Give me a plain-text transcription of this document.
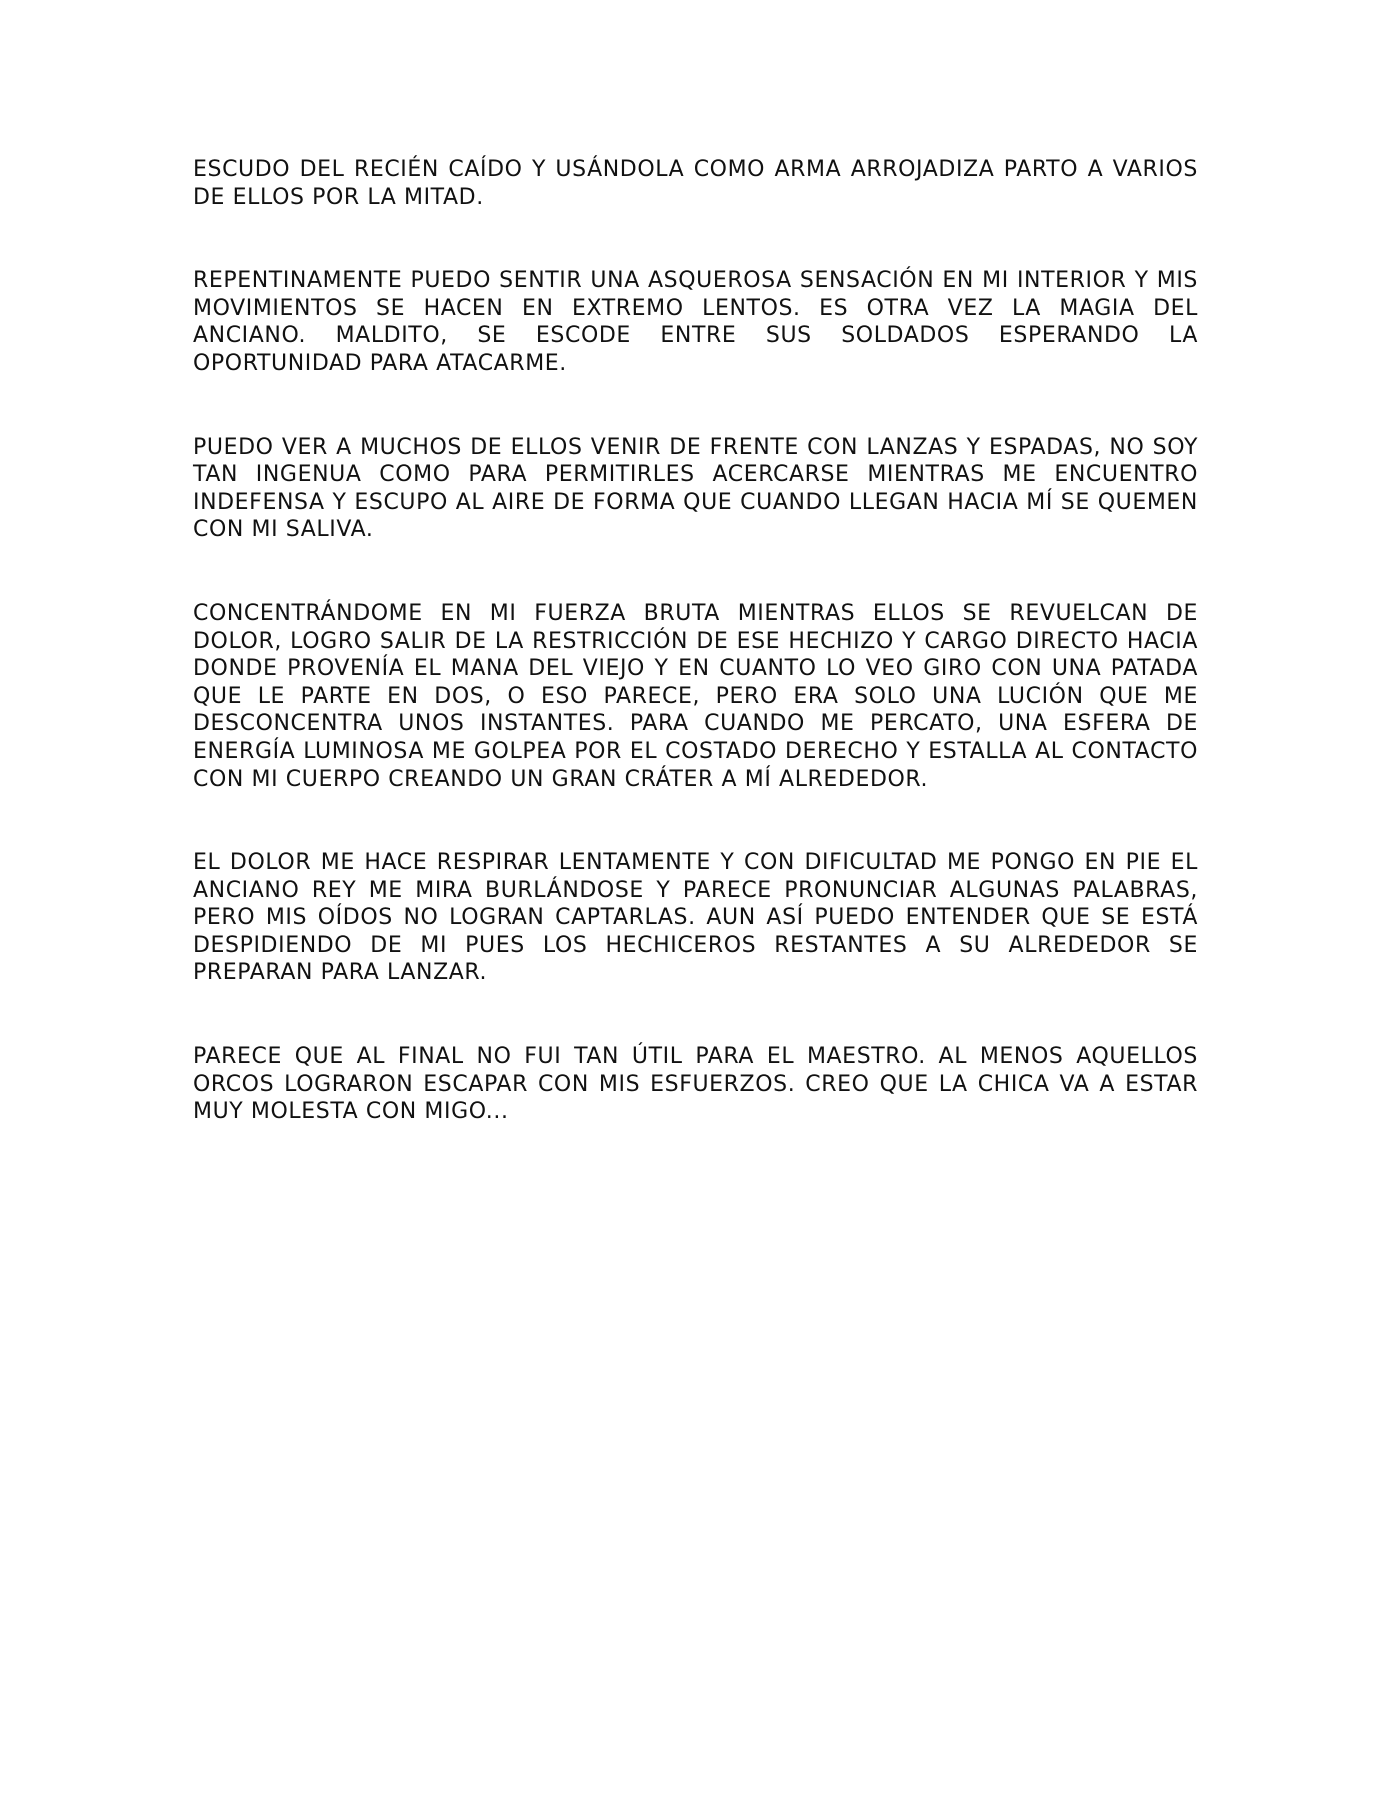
ESCUDO DEL RECIÉN CAÍDO Y USÁNDOLA COMO ARMA ARROJADIZA PARTO A VARIOS DE ELLOS POR LA MITAD.

REPENTINAMENTE PUEDO SENTIR UNA ASQUEROSA SENSACIÓN EN MI INTERIOR Y MIS MOVIMIENTOS SE HACEN EN EXTREMO LENTOS. ES OTRA VEZ LA MAGIA DEL ANCIANO. MALDITO, SE ESCODE ENTRE SUS SOLDADOS ESPERANDO LA OPORTUNIDAD PARA ATACARME.

PUEDO VER A MUCHOS DE ELLOS VENIR DE FRENTE CON LANZAS Y ESPADAS, NO SOY TAN INGENUA COMO PARA PERMITIRLES ACERCARSE MIENTRAS ME ENCUENTRO INDEFENSA Y ESCUPO AL AIRE DE FORMA QUE CUANDO LLEGAN HACIA MÍ SE QUEMEN CON MI SALIVA.

CONCENTRÁNDOME EN MI FUERZA BRUTA MIENTRAS ELLOS SE REVUELCAN DE DOLOR, LOGRO SALIR DE LA RESTRICCIÓN DE ESE HECHIZO Y CARGO DIRECTO HACIA DONDE PROVENÍA EL MANA DEL VIEJO Y EN CUANTO LO VEO GIRO CON UNA PATADA QUE LE PARTE EN DOS, O ESO PARECE, PERO ERA SOLO UNA LUCIÓN QUE ME DESCONCENTRA UNOS INSTANTES. PARA CUANDO ME PERCATO, UNA ESFERA DE ENERGÍA LUMINOSA ME GOLPEA POR EL COSTADO DERECHO Y ESTALLA AL CONTACTO CON MI CUERPO CREANDO UN GRAN CRÁTER A MÍ ALREDEDOR.

EL DOLOR ME HACE RESPIRAR LENTAMENTE Y CON DIFICULTAD ME PONGO EN PIE EL ANCIANO REY ME MIRA BURLÁNDOSE Y PARECE PRONUNCIAR ALGUNAS PALABRAS, PERO MIS OÍDOS NO LOGRAN CAPTARLAS. AUN ASÍ PUEDO ENTENDER QUE SE ESTÁ DESPIDIENDO DE MI PUES LOS HECHICEROS RESTANTES A SU ALREDEDOR SE PREPARAN PARA LANZAR.

PARECE QUE AL FINAL NO FUI TAN ÚTIL PARA EL MAESTRO. AL MENOS AQUELLOS ORCOS LOGRARON ESCAPAR CON MIS ESFUERZOS. CREO QUE LA CHICA VA A ESTAR MUY MOLESTA CON MIGO...
